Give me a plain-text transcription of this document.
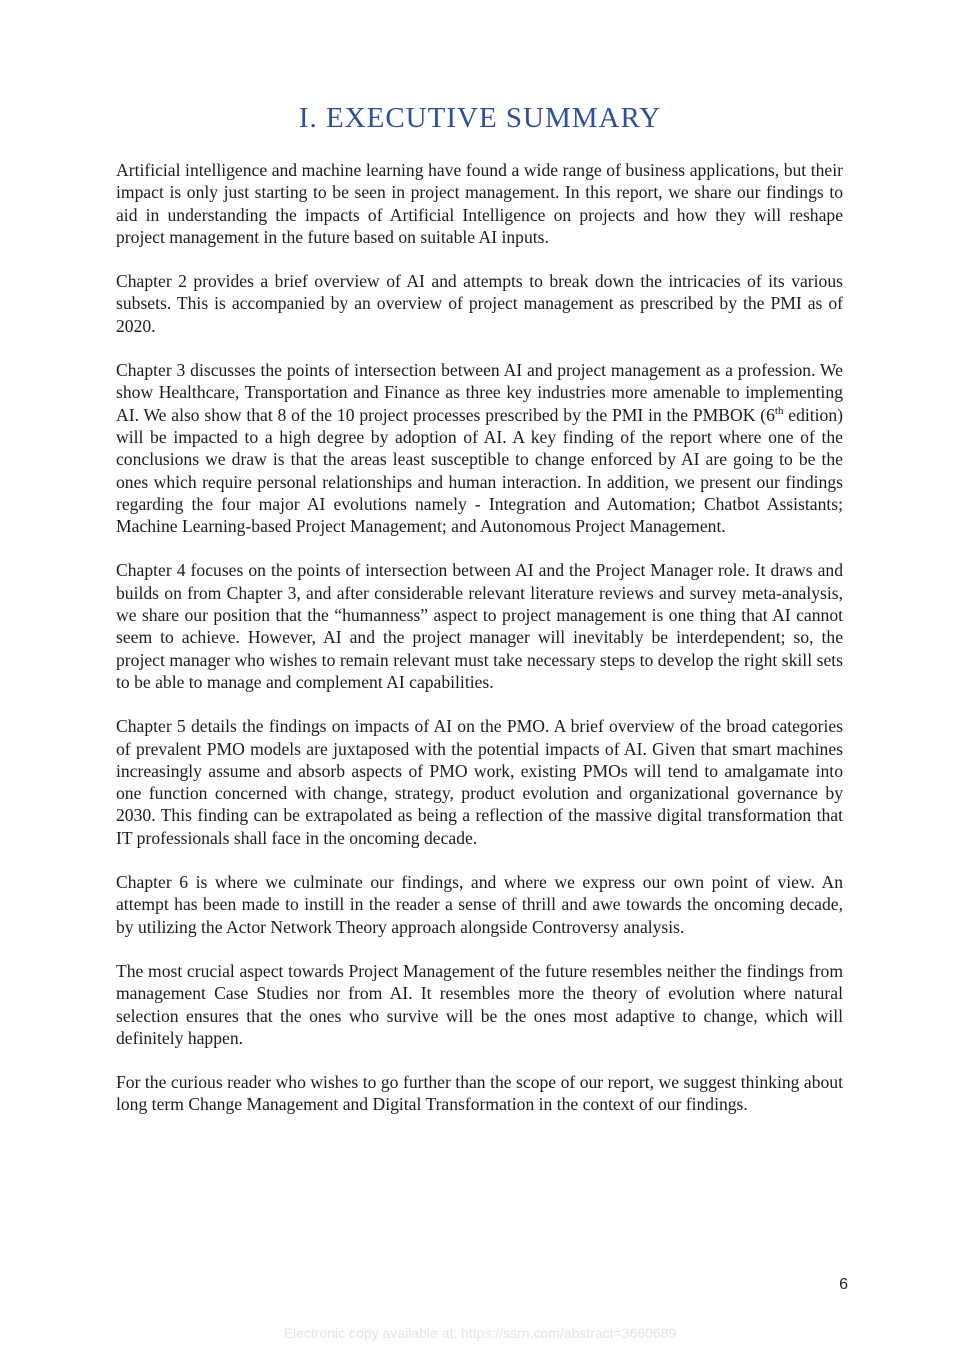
I. EXECUTIVE SUMMARY

Artificial intelligence and machine learning have found a wide range of business applications, but their impact is only just starting to be seen in project management. In this report, we share our findings to aid in understanding the impacts of Artificial Intelligence on projects and how they will reshape project management in the future based on suitable AI inputs.

Chapter 2 provides a brief overview of AI and attempts to break down the intricacies of its various subsets. This is accompanied by an overview of project management as prescribed by the PMI as of 2020.

Chapter 3 discusses the points of intersection between AI and project management as a profession. We show Healthcare, Transportation and Finance as three key industries more amenable to implementing AI. We also show that 8 of the 10 project processes prescribed by the PMI in the PMBOK (6th edition) will be impacted to a high degree by adoption of AI. A key finding of the report where one of the conclusions we draw is that the areas least susceptible to change enforced by AI are going to be the ones which require personal relationships and human interaction. In addition, we present our findings regarding the four major AI evolutions namely - Integration and Automation; Chatbot Assistants; Machine Learning-based Project Management; and Autonomous Project Management.

Chapter 4 focuses on the points of intersection between AI and the Project Manager role. It draws and builds on from Chapter 3, and after considerable relevant literature reviews and survey meta-analysis, we share our position that the “humanness” aspect to project management is one thing that AI cannot seem to achieve. However, AI and the project manager will inevitably be interdependent; so, the project manager who wishes to remain relevant must take necessary steps to develop the right skill sets to be able to manage and complement AI capabilities.

Chapter 5 details the findings on impacts of AI on the PMO. A brief overview of the broad categories of prevalent PMO models are juxtaposed with the potential impacts of AI. Given that smart machines increasingly assume and absorb aspects of PMO work, existing PMOs will tend to amalgamate into one function concerned with change, strategy, product evolution and organizational governance by 2030. This finding can be extrapolated as being a reflection of the massive digital transformation that IT professionals shall face in the oncoming decade.

Chapter 6 is where we culminate our findings, and where we express our own point of view. An attempt has been made to instill in the reader a sense of thrill and awe towards the oncoming decade, by utilizing the Actor Network Theory approach alongside Controversy analysis.

The most crucial aspect towards Project Management of the future resembles neither the findings from management Case Studies nor from AI. It resembles more the theory of evolution where natural selection ensures that the ones who survive will be the ones most adaptive to change, which will definitely happen.

For the curious reader who wishes to go further than the scope of our report, we suggest thinking about long term Change Management and Digital Transformation in the context of our findings.

6
Electronic copy available at: https://ssrn.com/abstract=3660689
